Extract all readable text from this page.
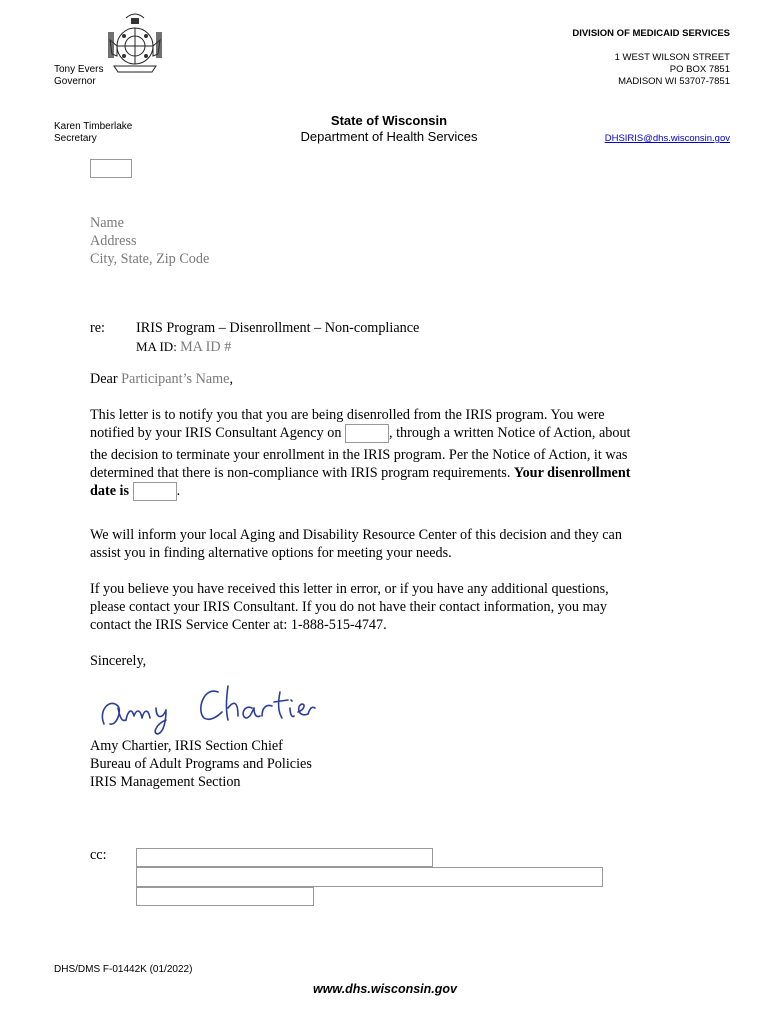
Tony Evers
Governor
Karen Timberlake
Secretary
State of Wisconsin
Department of Health Services
DIVISION OF MEDICAID SERVICES
1 WEST WILSON STREET
PO BOX 7851
MADISON WI 53707-7851
DHSIRIS@dhs.wisconsin.gov
Name
Address
City, State, Zip Code
re: IRIS Program – Disenrollment – Non-compliance
MA ID: MA ID #
Dear Participant’s Name,
This letter is to notify you that you are being disenrolled from the IRIS program. You were
notified by your IRIS Consultant Agency on	, through a written Notice of Action, about
the decision to terminate your enrollment in the IRIS program. Per the Notice of Action, it was
determined that there is non-compliance with IRIS program requirements. Your disenrollment
date is	.
We will inform your local Aging and Disability Resource Center of this decision and they can
assist you in finding alternative options for meeting your needs.
If you believe you have received this letter in error, or if you have any additional questions,
please contact your IRIS Consultant. If you do not have their contact information, you may
contact the IRIS Service Center at: 1-888-515-4747.
Sincerely,
Amy Chartier, IRIS Section Chief
Bureau of Adult Programs and Policies
IRIS Management Section
cc:
DHS/DMS F-01442K (01/2022)
www.dhs.wisconsin.gov
